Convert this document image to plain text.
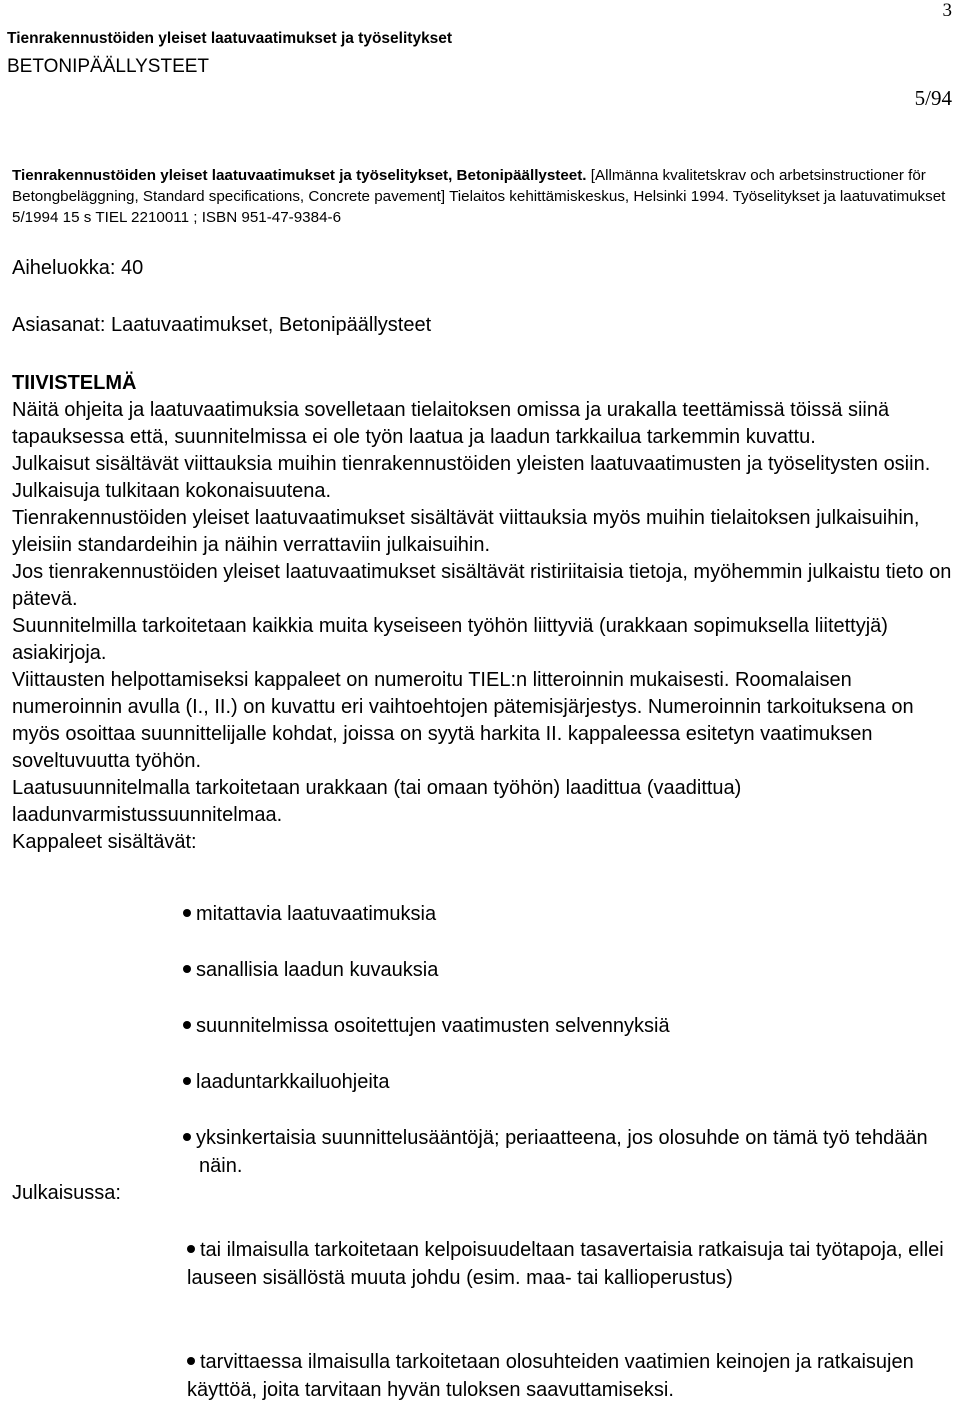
Tienrakennustöiden yleiset laatuvaatimukset ja työselitykset
BETONIPÄÄLLYSTEET
3
5/94
Tienrakennustöiden yleiset laatuvaatimukset ja työselitykset, Betonipäällysteet. [Allmänna kvalitetskrav och arbetsinstructioner för Betongbeläggning, Standard specifications, Concrete pavement] Tielaitos kehittämiskeskus, Helsinki 1994. Työselitykset ja laatuvatimukset 5/1994 15 s TIEL 2210011 ; ISBN 951-47-9384-6
Aiheluokka: 40
Asiasanat: Laatuvaatimukset, Betonipäällysteet
TIIVISTELMÄ

Näitä ohjeita ja laatuvaatimuksia sovelletaan tielaitoksen omissa ja urakalla teettämissä töissä siinä tapauksessa että, suunnitelmissa ei ole työn laatua ja laadun tarkkailua tarkemmin kuvattu.

Julkaisut sisältävät viittauksia muihin tienrakennustöiden yleisten laatuvaatimusten ja työselitysten osiin. Julkaisuja tulkitaan kokonaisuutena.

Tienrakennustöiden yleiset laatuvaatimukset sisältävät viittauksia myös muihin tielaitoksen julkaisuihin, yleisiin standardeihin ja näihin verrattaviin julkaisuihin.

Jos tienrakennustöiden yleiset laatuvaatimukset sisältävät ristiriitaisia tietoja, myöhemmin julkaistu tieto on pätevä.

Suunnitelmilla tarkoitetaan kaikkia muita kyseiseen työhön liittyviä (urakkaan sopimuksella liitettyjä) asiakirjoja.

Viittausten helpottamiseksi kappaleet on numeroitu TIEL:n litteroinnin mukaisesti. Roomalaisen numeroinnin avulla (I., II.) on kuvattu eri vaihtoehtojen pätemisjärjestys. Numeroinnin tarkoituksena on myös osoittaa suunnittelijalle kohdat, joissa on syytä harkita II. kappaleessa esitetyn vaatimuksen soveltuvuutta työhön.

Laatusuunnitelmalla tarkoitetaan urakkaan (tai omaan työhön) laadittua (vaadittua) laadunvarmistussuunnitelmaa.

Kappaleet sisältävät:

mitattavia laatuvaatimuksia
sanallisia laadun kuvauksia
suunnitelmissa osoitettujen vaatimusten selvennyksiä
laaduntarkkailuohjeita
yksinkertaisia suunnittelusääntöjä; periaatteena, jos olosuhde on tämä työ tehdään näin.
Julkaisussa:
tai ilmaisulla tarkoitetaan kelpoisuudeltaan tasavertaisia ratkaisuja tai työtapoja, ellei lauseen sisällöstä muuta johdu (esim. maa- tai kallioperustus)
tarvittaessa ilmaisulla tarkoitetaan olosuhteiden vaatimien keinojen ja ratkaisujen käyttöä, joita tarvitaan hyvän tuloksen saavuttamiseksi.
